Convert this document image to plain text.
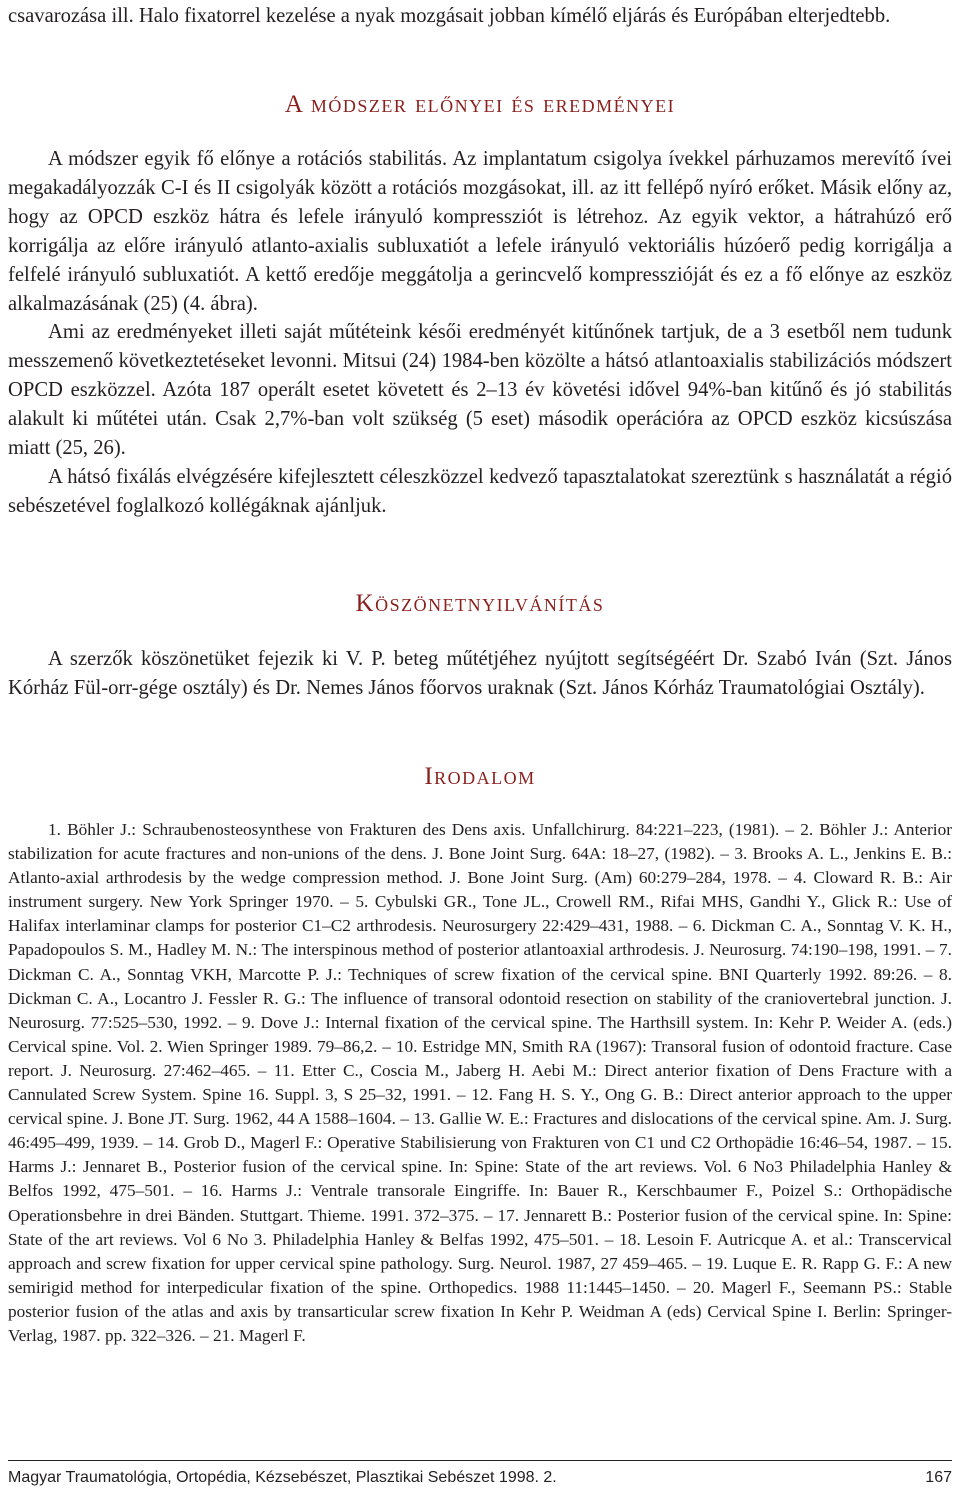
csavarozása ill. Halo fixatorrel kezelése a nyak mozgásait jobban kímélő eljárás és Európában elterjedtebb.

A módszer előnyei és eredményei

A módszer egyik fő előnye a rotációs stabilitás. Az implantatum csigolya ívekkel párhuzamos merevítő ívei megakadályozzák C-I és II csigolyák között a rotációs mozgásokat, ill. az itt fellépő nyíró erőket. Másik előny az, hogy az OPCD eszköz hátra és lefele irányuló kompressziót is létrehoz. Az egyik vektor, a hátrahúzó erő korrigálja az előre irányuló atlanto-axialis subluxatiót a lefele irányuló vektoriális húzóerő pedig korrigálja a felfelé irányuló subluxatiót. A kettő eredője meggátolja a gerincvelő kompresszióját és ez a fő előnye az eszköz alkalmazásának (25) (4. ábra).

Ami az eredményeket illeti saját műtéteink késői eredményét kitűnőnek tartjuk, de a 3 esetből nem tudunk messzemenő következtetéseket levonni. Mitsui (24) 1984-ben közölte a hátsó atlantoaxialis stabilizációs módszert OPCD eszközzel. Azóta 187 operált esetet követett és 2–13 év követési idővel 94%-ban kitűnő és jó stabilitás alakult ki műtétei után. Csak 2,7%-ban volt szükség (5 eset) második operációra az OPCD eszköz kicsúszása miatt (25, 26).

A hátsó fixálás elvégzésére kifejlesztett céleszközzel kedvező tapasztalatokat szereztünk s használatát a régió sebészetével foglalkozó kollégáknak ajánljuk.

Köszönetnyilvánítás

A szerzők köszönetüket fejezik ki V. P. beteg műtétjéhez nyújtott segítségéért Dr. Szabó Iván (Szt. János Kórház Fül-orr-gége osztály) és Dr. Nemes János főorvos uraknak (Szt. János Kórház Traumatológiai Osztály).

Irodalom

1. Böhler J.: Schraubenosteosynthese von Frakturen des Dens axis. Unfallchirurg. 84:221–223, (1981). – 2. Böhler J.: Anterior stabilization for acute fractures and non-unions of the dens. J. Bone Joint Surg. 64A: 18–27, (1982). – 3. Brooks A. L., Jenkins E. B.: Atlanto-axial arthrodesis by the wedge compression method. J. Bone Joint Surg. (Am) 60:279–284, 1978. – 4. Cloward R. B.: Air instrument surgery. New York Springer 1970. – 5. Cybulski GR., Tone JL., Crowell RM., Rifai MHS, Gandhi Y., Glick R.: Use of Halifax interlaminar clamps for posterior C1–C2 arthrodesis. Neurosurgery 22:429–431, 1988. – 6. Dickman C. A., Sonntag V. K. H., Papadopoulos S. M., Hadley M. N.: The interspinous method of posterior atlantoaxial arthrodesis. J. Neurosurg. 74:190–198, 1991. – 7. Dickman C. A., Sonntag VKH, Marcotte P. J.: Techniques of screw fixation of the cervical spine. BNI Quarterly 1992. 89:26. – 8. Dickman C. A., Locantro J. Fessler R. G.: The influence of transoral odontoid resection on stability of the craniovertebral junction. J. Neurosurg. 77:525–530, 1992. – 9. Dove J.: Internal fixation of the cervical spine. The Harthsill system. In: Kehr P. Weider A. (eds.) Cervical spine. Vol. 2. Wien Springer 1989. 79–86,2. – 10. Estridge MN, Smith RA (1967): Transoral fusion of odontoid fracture. Case report. J. Neurosurg. 27:462–465. – 11. Etter C., Coscia M., Jaberg H. Aebi M.: Direct anterior fixation of Dens Fracture with a Cannulated Screw System. Spine 16. Suppl. 3, S 25–32, 1991. – 12. Fang H. S. Y., Ong G. B.: Direct anterior approach to the upper cervical spine. J. Bone JT. Surg. 1962, 44 A 1588–1604. – 13. Gallie W. E.: Fractures and dislocations of the cervical spine. Am. J. Surg. 46:495–499, 1939. – 14. Grob D., Magerl F.: Operative Stabilisierung von Frakturen von C1 und C2 Orthopädie 16:46–54, 1987. – 15. Harms J.: Jennaret B., Posterior fusion of the cervical spine. In: Spine: State of the art reviews. Vol. 6 No3 Philadelphia Hanley & Belfos 1992, 475–501. – 16. Harms J.: Ventrale transorale Eingriffe. In: Bauer R., Kerschbaumer F., Poizel S.: Orthopädische Operationsbehre in drei Bänden. Stuttgart. Thieme. 1991. 372–375. – 17. Jennarett B.: Posterior fusion of the cervical spine. In: Spine: State of the art reviews. Vol 6 No 3. Philadelphia Hanley & Belfas 1992, 475–501. – 18. Lesoin F. Autricque A. et al.: Transcervical approach and screw fixation for upper cervical spine pathology. Surg. Neurol. 1987, 27 459–465. – 19. Luque E. R. Rapp G. F.: A new semirigid method for interpedicular fixation of the spine. Orthopedics. 1988 11:1445–1450. – 20. Magerl F., Seemann PS.: Stable posterior fusion of the atlas and axis by transarticular screw fixation In Kehr P. Weidman A (eds) Cervical Spine I. Berlin: Springer-Verlag, 1987. pp. 322–326. – 21. Magerl F.

Magyar Traumatológia, Ortopédia, Kézsebészet, Plasztikai Sebészet 1998. 2.	167
